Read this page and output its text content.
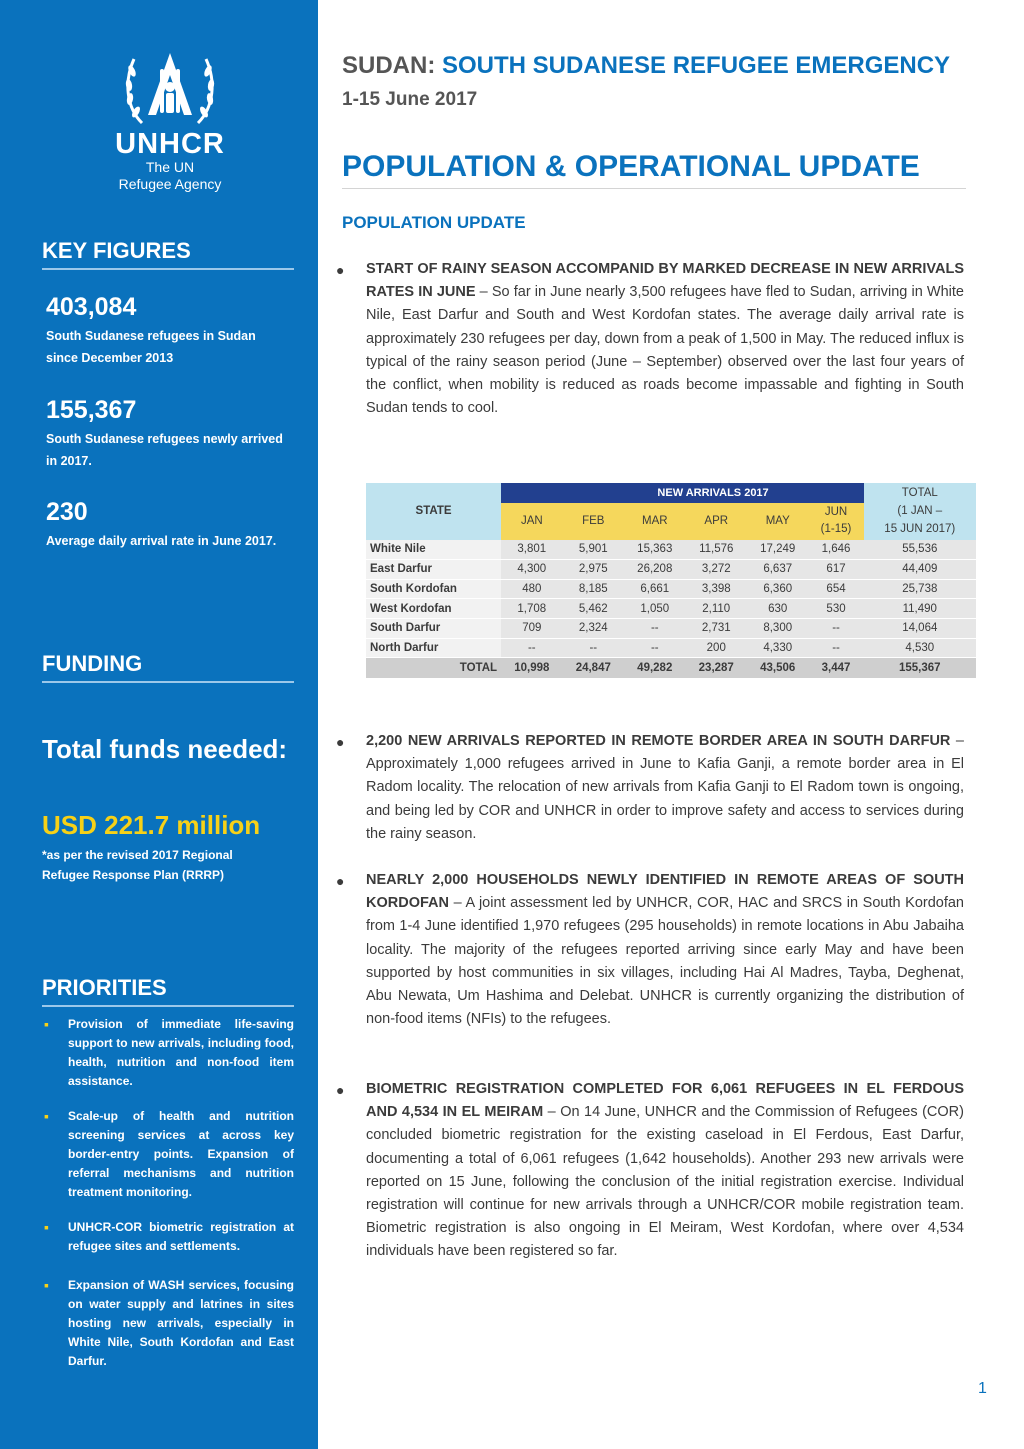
UNHCR
The UN
Refugee Agency
KEY FIGURES
403,084
South Sudanese refugees in Sudan since December 2013
155,367
South Sudanese refugees newly arrived in 2017.
230
Average daily arrival rate in June 2017.
FUNDING
Total funds needed:
USD 221.7 million
*as per the revised 2017 Regional Refugee Response Plan (RRRP)
PRIORITIES
▪ Provision of immediate life-saving support to new arrivals, including food, health, nutrition and non-food item assistance.
▪ Scale-up of health and nutrition screening services at across key border-entry points. Expansion of referral mechanisms and nutrition treatment monitoring.
▪ UNHCR-COR biometric registration at refugee sites and settlements.
▪ Expansion of WASH services, focusing on water supply and latrines in sites hosting new arrivals, especially in White Nile, South Kordofan and East Darfur.
SUDAN: SOUTH SUDANESE REFUGEE EMERGENCY
1-15 June 2017
POPULATION & OPERATIONAL UPDATE
POPULATION UPDATE
● START OF RAINY SEASON ACCOMPANID BY MARKED DECREASE IN NEW ARRIVALS RATES IN JUNE – So far in June nearly 3,500 refugees have fled to Sudan, arriving in White Nile, East Darfur and South and West Kordofan states. The average daily arrival rate is approximately 230 refugees per day, down from a peak of 1,500 in May. The reduced influx is typical of the rainy season period (June – September) observed over the last four years of the conflict, when mobility is reduced as roads become impassable and fighting in South Sudan tends to cool.
STATE		NEW ARRIVALS 2017					TOTAL
(1 JAN –
15 JUN 2017)

	JAN	FEB	MAR	APR	MAY	JUN
(1-15)	

White Nile	3,801	5,901	15,363	11,576	17,249	1,646	55,536
East Darfur	4,300	2,975	26,208	3,272	6,637	617	44,409
South Kordofan	480	8,185	6,661	3,398	6,360	654	25,738
West Kordofan	1,708	5,462	1,050	2,110	630	530	11,490
South Darfur	709	2,324	--	2,731	8,300	--	14,064
North Darfur	--	--	--	200	4,330	--	4,530
TOTAL	10,998	24,847	49,282	23,287	43,506	3,447	155,367
● 2,200 NEW ARRIVALS REPORTED IN REMOTE BORDER AREA IN SOUTH DARFUR – Approximately 1,000 refugees arrived in June to Kafia Ganji, a remote border area in El Radom locality. The relocation of new arrivals from Kafia Ganji to El Radom town is ongoing, and being led by COR and UNHCR in order to improve safety and access to services during the rainy season.
● NEARLY 2,000 HOUSEHOLDS NEWLY IDENTIFIED IN REMOTE AREAS OF SOUTH KORDOFAN – A joint assessment led by UNHCR, COR, HAC and SRCS in South Kordofan from 1-4 June identified 1,970 refugees (295 households) in remote locations in Abu Jabaiha locality. The majority of the refugees reported arriving since early May and have been supported by host communities in six villages, including Hai Al Madres, Tayba, Deghenat, Abu Newata, Um Hashima and Delebat. UNHCR is currently organizing the distribution of non-food items (NFIs) to the refugees.
● BIOMETRIC REGISTRATION COMPLETED FOR 6,061 REFUGEES IN EL FERDOUS AND 4,534 IN EL MEIRAM – On 14 June, UNHCR and the Commission of Refugees (COR) concluded biometric registration for the existing caseload in El Ferdous, East Darfur, documenting a total of 6,061 refugees (1,642 households). Another 293 new arrivals were reported on 15 June, following the conclusion of the initial registration exercise. Individual registration will continue for new arrivals through a UNHCR/COR mobile registration team. Biometric registration is also ongoing in El Meiram, West Kordofan, where over 4,534 individuals have been registered so far.
1
